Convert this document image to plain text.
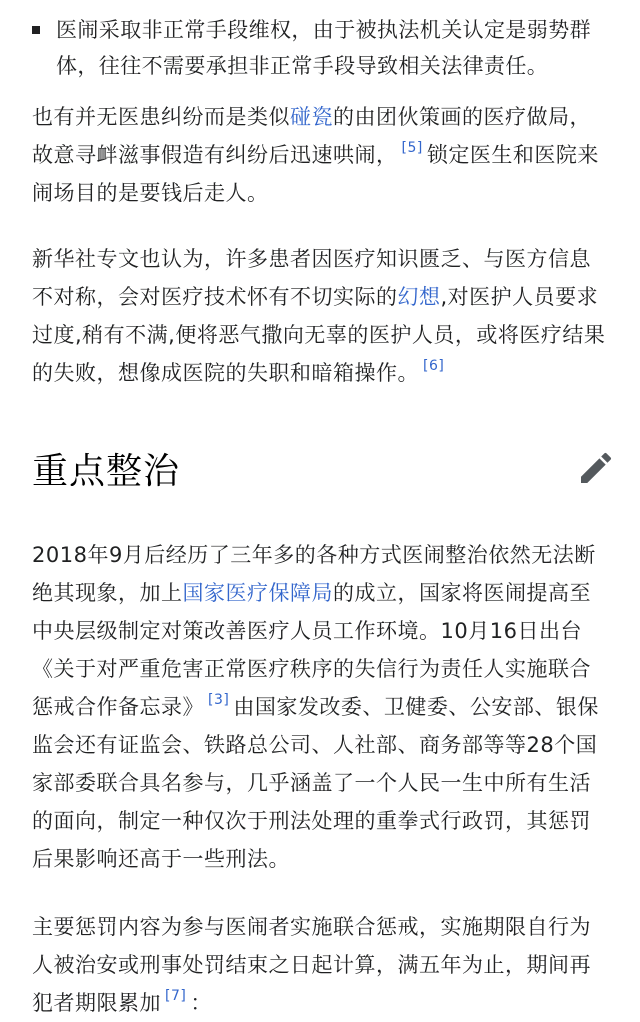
医闹采取非正常手段维权，由于被执法机关认定是弱势群体，往往不需要承担非正常手段导致相关法律责任。

也有并无医患纠纷而是类似碰瓷的由团伙策画的医疗做局，故意寻衅滋事假造有纠纷后迅速哄闹， [5] 锁定医生和医院来闹场目的是要钱后走人。

新华社专文也认为，许多患者因医疗知识匮乏、与医方信息不对称，会对医疗技术怀有不切实际的幻想,对医护人员要求过度,稍有不满,便将恶气撒向无辜的医护人员，或将医疗结果的失败，想像成医院的失职和暗箱操作。 [6]

重点整治

2018年9月后经历了三年多的各种方式医闹整治依然无法断绝其现象，加上国家医疗保障局的成立，国家将医闹提高至中央层级制定对策改善医疗人员工作环境。10月16日出台《关于对严重危害正常医疗秩序的失信行为责任人实施联合惩戒合作备忘录》 [3] 由国家发改委、卫健委、公安部、银保监会还有证监会、铁路总公司、人社部、商务部等等28个国家部委联合具名参与，几乎涵盖了一个人民一生中所有生活的面向，制定一种仅次于刑法处理的重拳式行政罚，其惩罚后果影响还高于一些刑法。

主要惩罚内容为参与医闹者实施联合惩戒，实施期限自行为人被治安或刑事处罚结束之日起计算，满五年为止，期间再犯者期限累加 [7] ：
